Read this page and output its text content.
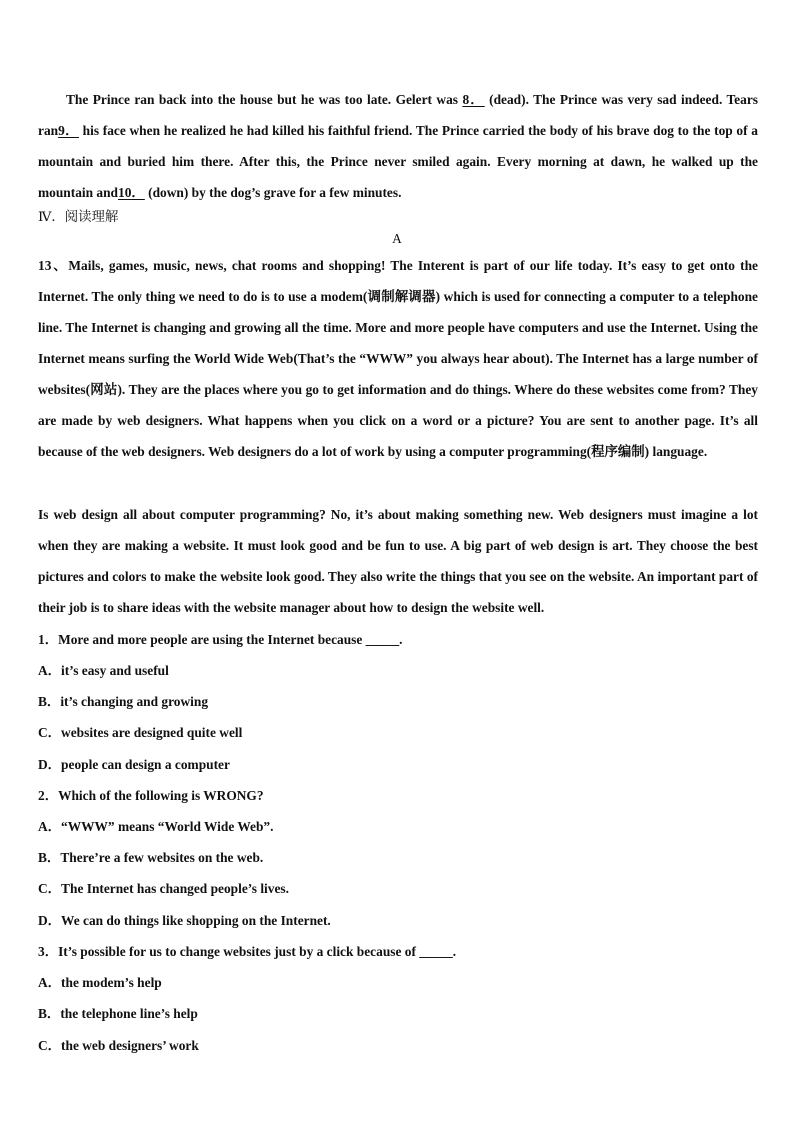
The Prince ran back into the house but he was too late. Gelert was 8． (dead). The Prince was very sad indeed. Tears ran9． his face when he realized he had killed his faithful friend. The Prince carried the body of his brave dog to the top of a mountain and buried him there. After this, the Prince never smiled again. Every morning at dawn, he walked up the mountain and10． (down) by the dog’s grave for a few minutes.

Ⅳ．阅读理解
A

13、Mails, games, music, news, chat rooms and shopping! The Interent is part of our life today. It’s easy to get onto the Internet. The only thing we need to do is to use a modem(调制解调器) which is used for connecting a computer to a telephone line. The Internet is changing and growing all the time. More and more people have computers and use the Internet. Using the Internet means surfing the World Wide Web(That’s the “WWW” you always hear about). The Internet has a large number of websites(网站). They are the places where you go to get information and do things. Where do these websites come from? They are made by web designers. What happens when you click on a word or a picture? You are sent to another page. It’s all because of the web designers. Web designers do a lot of work by using a computer programming(程序编制) language.

Is web design all about computer programming? No, it’s about making something new. Web designers must imagine a lot when they are making a website. It must look good and be fun to use. A big part of web design is art. They choose the best pictures and colors to make the website look good. They also write the things that you see on the website. An important part of their job is to share ideas with the website manager about how to design the website well.

1．More and more people are using the Internet because _____.
A．it’s easy and useful
B．it’s changing and growing
C．websites are designed quite well
D．people can design a computer
2．Which of the following is WRONG?
A．“WWW” means “World Wide Web”.
B．There’re a few websites on the web.
C．The Internet has changed people’s lives.
D．We can do things like shopping on the Internet.
3．It’s possible for us to change websites just by a click because of _____.
A．the modem’s help
B．the telephone line’s help
C．the web designers’ work
